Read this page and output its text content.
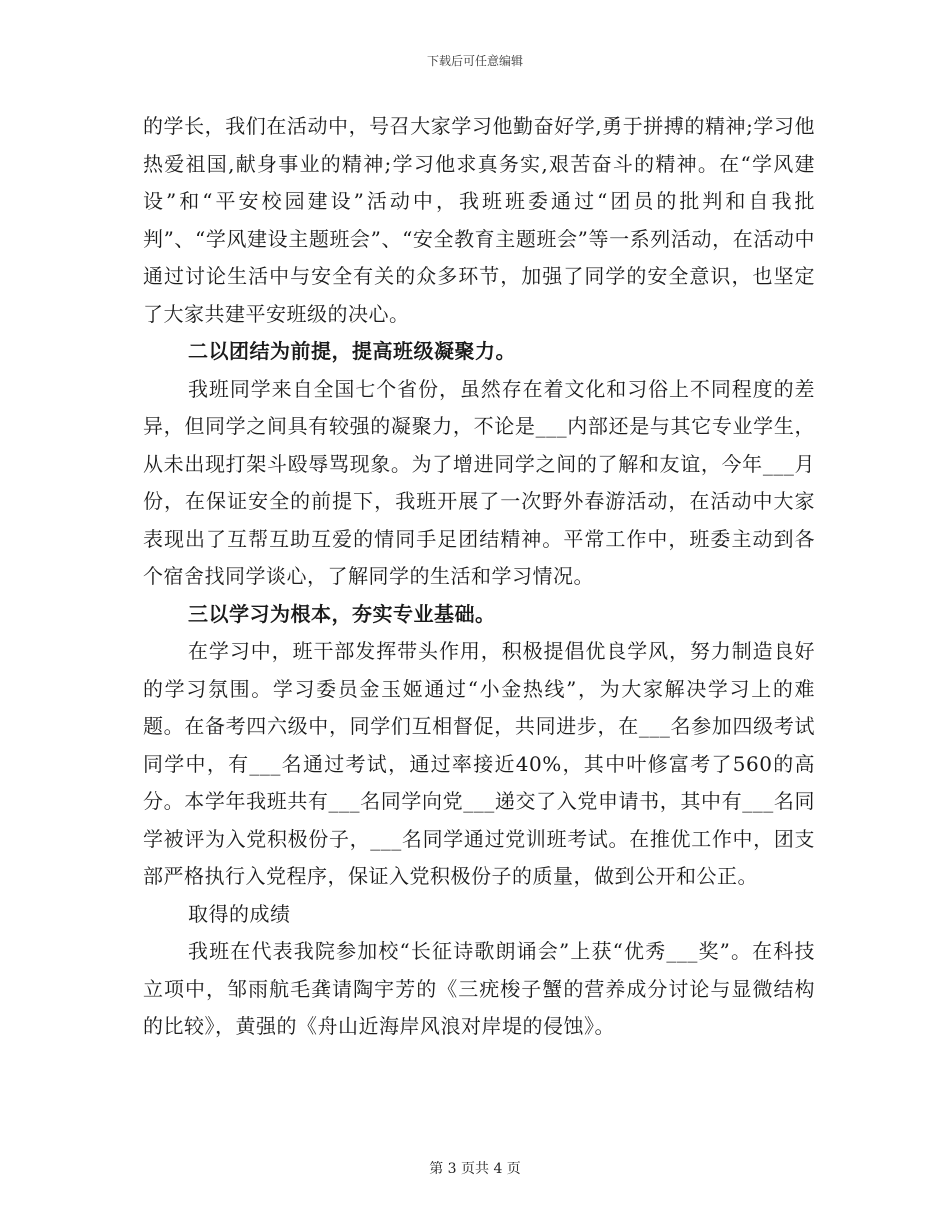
下载后可任意编辑

的学长，我们在活动中，号召大家学习他勤奋好学,勇于拼搏的精神;学习他热爱祖国,献身事业的精神;学习他求真务实,艰苦奋斗的精神。在“学风建设”和“平安校园建设”活动中，我班班委通过“团员的批判和自我批判”、“学风建设主题班会”、“安全教育主题班会”等一系列活动，在活动中通过讨论生活中与安全有关的众多环节，加强了同学的安全意识，也坚定了大家共建平安班级的决心。

二以团结为前提，提高班级凝聚力。

我班同学来自全国七个省份，虽然存在着文化和习俗上不同程度的差异，但同学之间具有较强的凝聚力，不论是___内部还是与其它专业学生，从未出现打架斗殴辱骂现象。为了增进同学之间的了解和友谊，今年___月份，在保证安全的前提下，我班开展了一次野外春游活动，在活动中大家表现出了互帮互助互爱的情同手足团结精神。平常工作中，班委主动到各个宿舍找同学谈心，了解同学的生活和学习情况。

三以学习为根本，夯实专业基础。

在学习中，班干部发挥带头作用，积极提倡优良学风，努力制造良好的学习氛围。学习委员金玉姬通过“小金热线”，为大家解决学习上的难题。在备考四六级中，同学们互相督促，共同进步，在___名参加四级考试同学中，有___名通过考试，通过率接近40%，其中叶修富考了560的高分。本学年我班共有___名同学向党___递交了入党申请书，其中有___名同学被评为入党积极份子，___名同学通过党训班考试。在推优工作中，团支部严格执行入党程序，保证入党积极份子的质量，做到公开和公正。

取得的成绩

我班在代表我院参加校“长征诗歌朗诵会”上获“优秀___奖”。在科技立项中，邹雨航毛龚请陶宇芳的《三疣梭子蟹的营养成分讨论与显微结构的比较》，黄强的《舟山近海岸风浪对岸堤的侵蚀》。

第 3 页共 4 页
